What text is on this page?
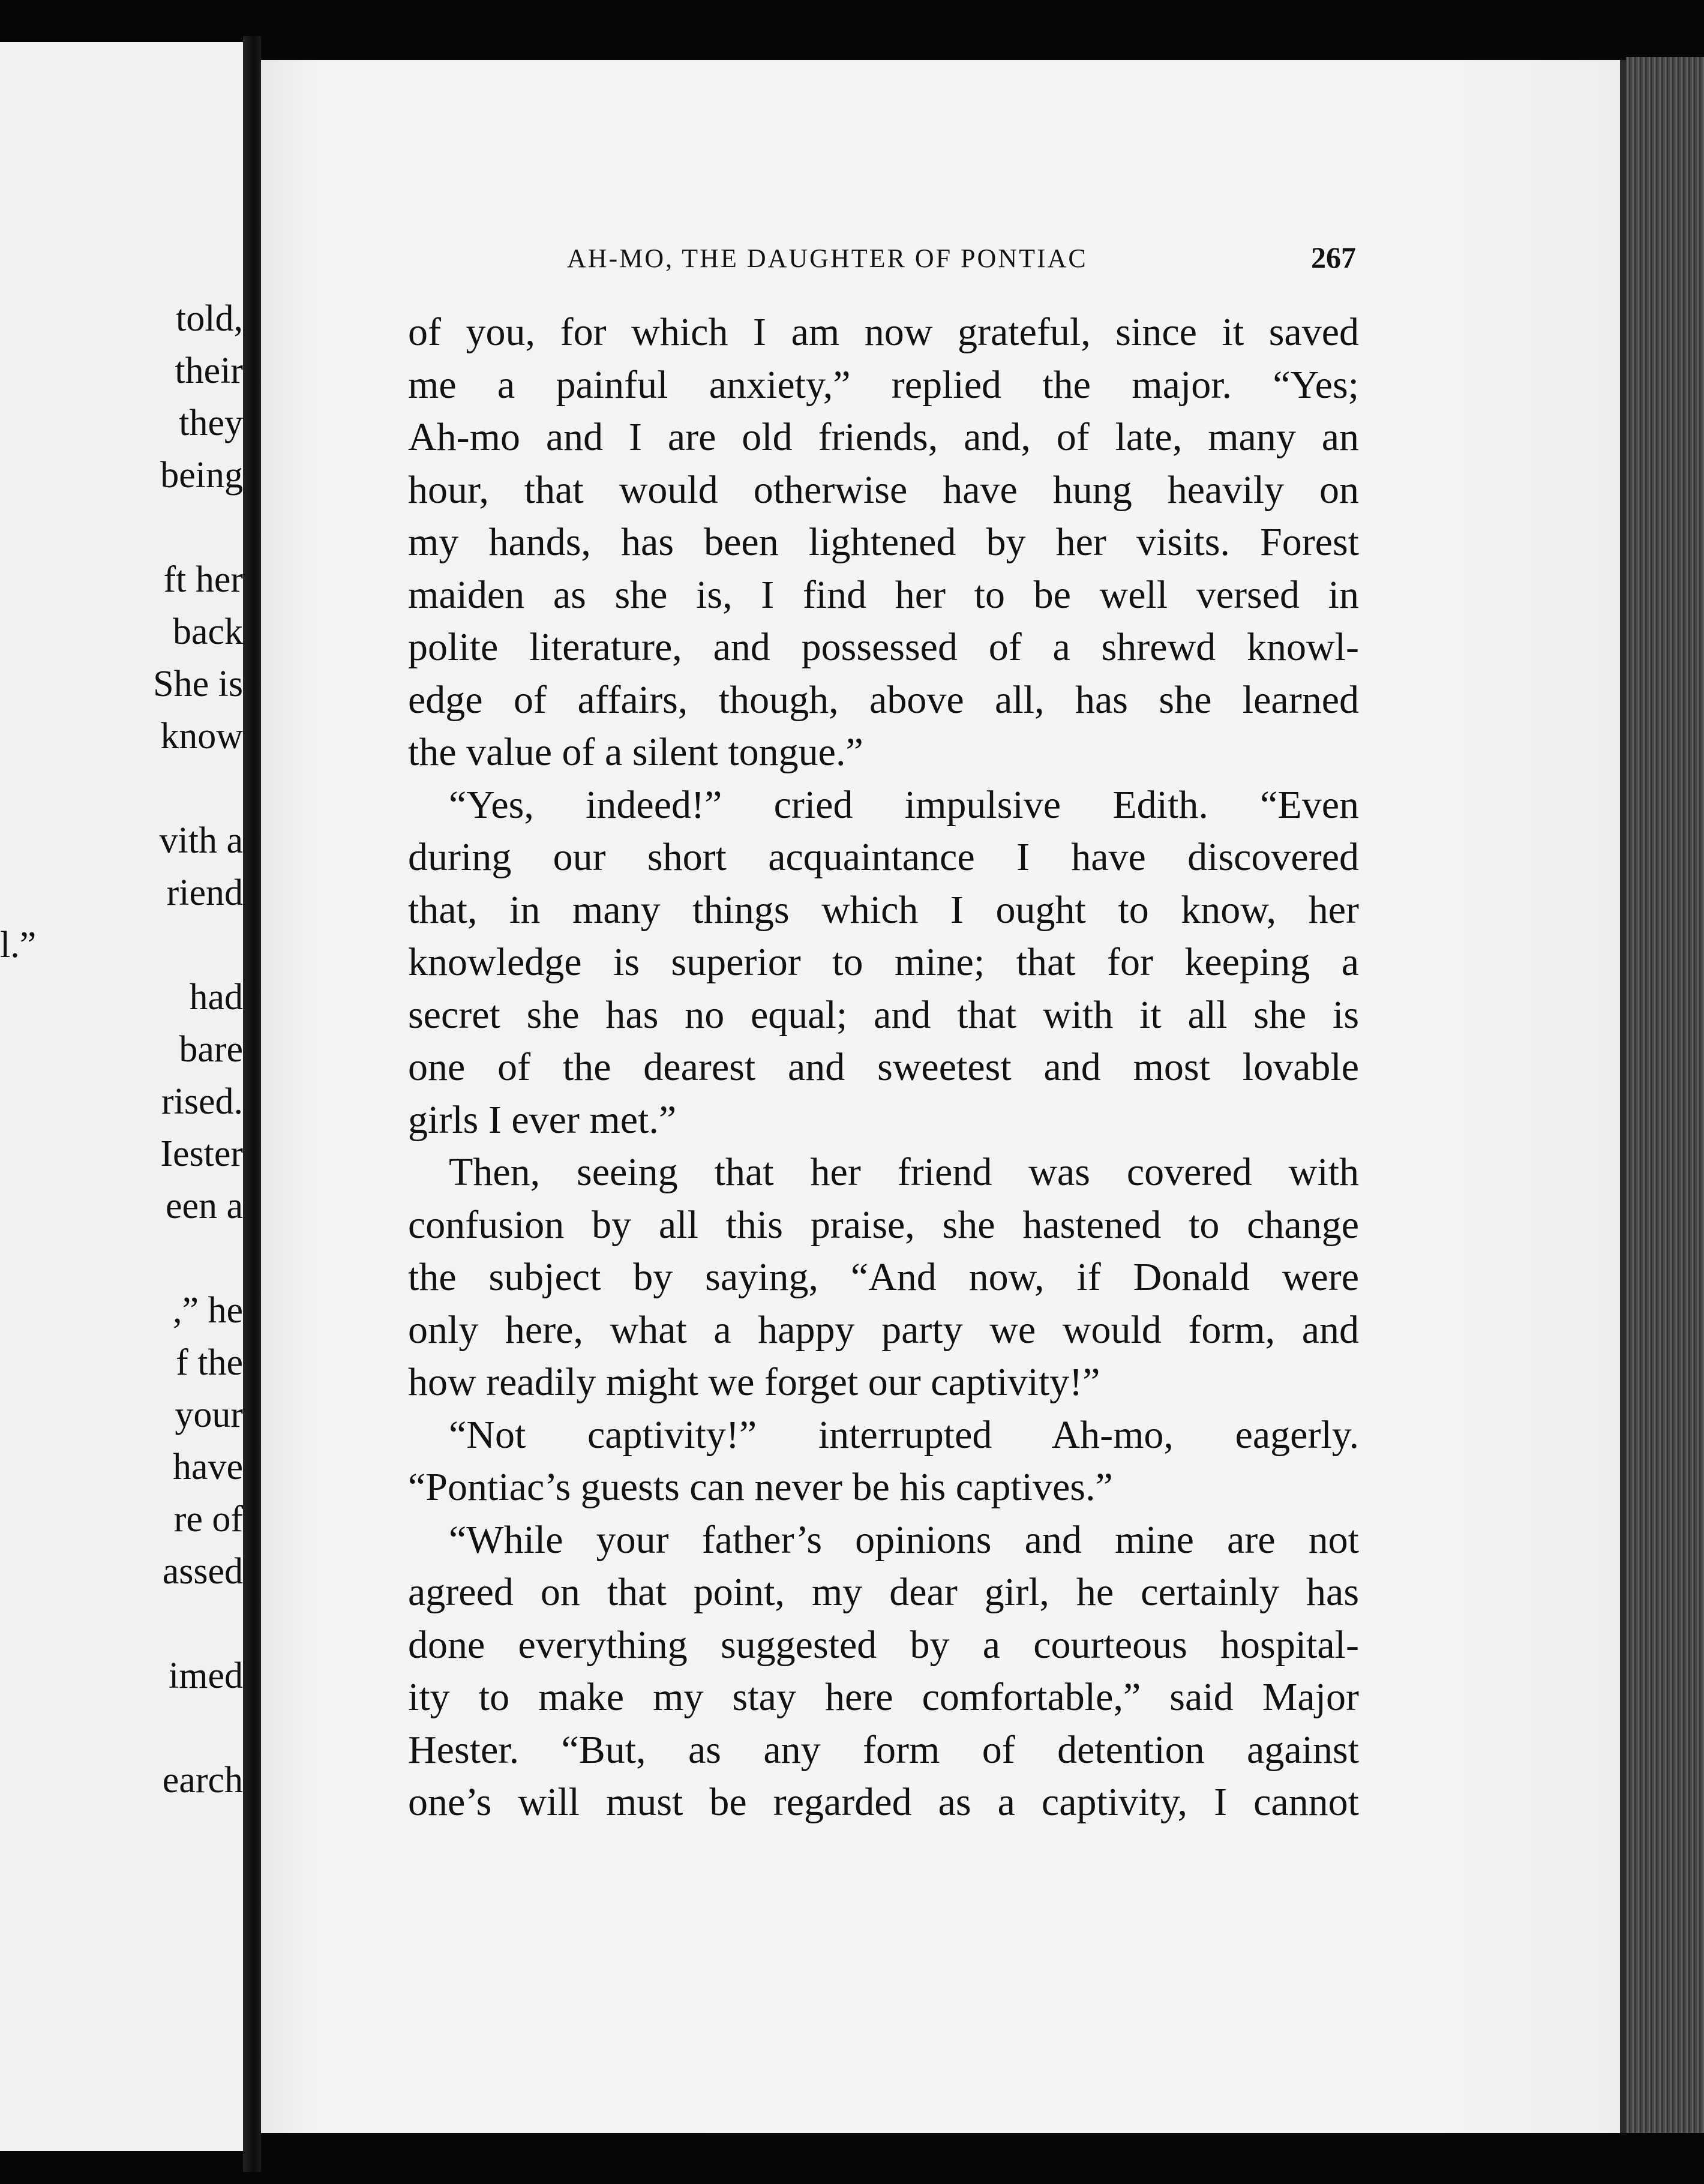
told,
their
they
being
ft her
back
She is
know
vith a
riend
l.”
had
bare
rised.
Iester
een a
,” he
f the
your
have
re of
assed
imed
earch
AH-MO, THE DAUGHTER OF PONTIAC	267
of you, for which I am now grateful, since it saved
me a painful anxiety,” replied the major. “Yes;
Ah-mo and I are old friends, and, of late, many an
hour, that would otherwise have hung heavily on
my hands, has been lightened by her visits. Forest
maiden as she is, I find her to be well versed in
polite literature, and possessed of a shrewd knowl-
edge of affairs, though, above all, has she learned
the value of a silent tongue.”
“Yes, indeed!” cried impulsive Edith. “Even
during our short acquaintance I have discovered
that, in many things which I ought to know, her
knowledge is superior to mine; that for keeping a
secret she has no equal; and that with it all she is
one of the dearest and sweetest and most lovable
girls I ever met.”
Then, seeing that her friend was covered with
confusion by all this praise, she hastened to change
the subject by saying, “And now, if Donald were
only here, what a happy party we would form, and
how readily might we forget our captivity!”
“Not captivity!” interrupted Ah-mo, eagerly.
“Pontiac’s guests can never be his captives.”
“While your father’s opinions and mine are not
agreed on that point, my dear girl, he certainly has
done everything suggested by a courteous hospital-
ity to make my stay here comfortable,” said Major
Hester. “But, as any form of detention against
one’s will must be regarded as a captivity, I cannot
